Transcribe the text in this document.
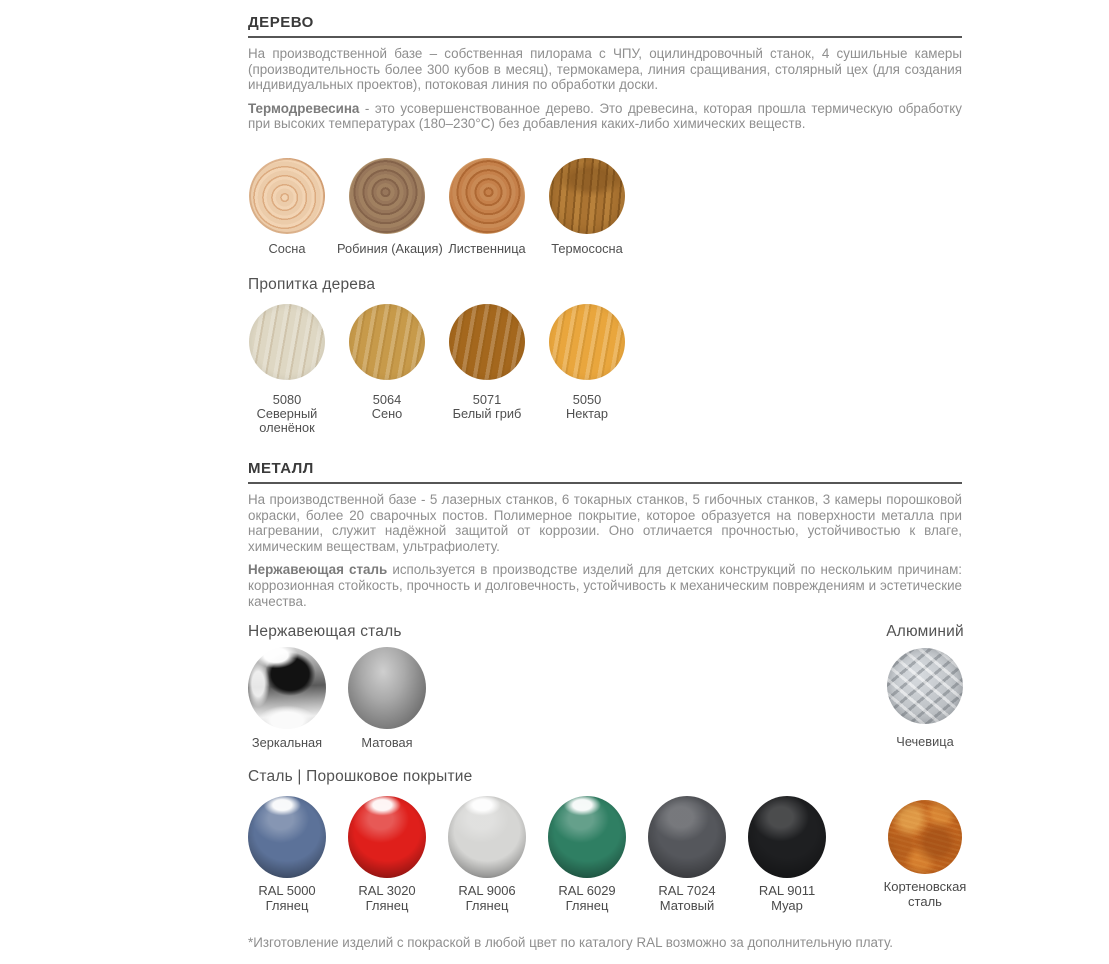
ДЕРЕВО

На производственной базе – собственная пилорама с ЧПУ, оцилиндровочный станок, 4 сушильные камеры (производительность более 300 кубов в месяц), термокамера, линия сращивания, столярный цех (для создания индивидуальных проектов), потоковая линия по обработки доски.

Термодревесина - это усовершенствованное дерево. Это древесина, которая прошла термическую обработку при высоких температурах (180–230°C) без добавления каких-либо химических веществ.

Сосна	Робиния (Акация) Лиственница	Термососна
Пропитка дерева
5080
Северный оленёнок
5064
Сено
5071
Белый гриб
5050
Нектар
МЕТАЛЛ

На производственной базе - 5 лазерных станков, 6 токарных станков, 5 гибочных станков, 3 камеры порошковой окраски, более 20 сварочных постов. Полимерное покрытие, которое образуется на поверхности металла при нагревании, служит надёжной защитой от коррозии. Оно отличается прочностью, устойчивостью к влаге, химическим веществам, ультрафиолету.

Нержавеющая сталь используется в производстве изделий для детских конструкций по нескольким причинам: коррозионная стойкость, прочность и долговечность, устойчивость к механическим повреждениям и эстетические качества.

Нержавеющая сталь
Зеркальная	Матовая
Алюминий
Чечевица
Сталь | Порошковое покрытие
RAL 5000
Глянец
RAL 3020
Глянец
RAL 9006
Глянец
RAL 6029
Глянец
RAL 7024
Матовый
RAL 9011
Муар
Кортеновская сталь

*Изготовление изделий с покраской в любой цвет по каталогу RAL возможно за дополнительную плату.
